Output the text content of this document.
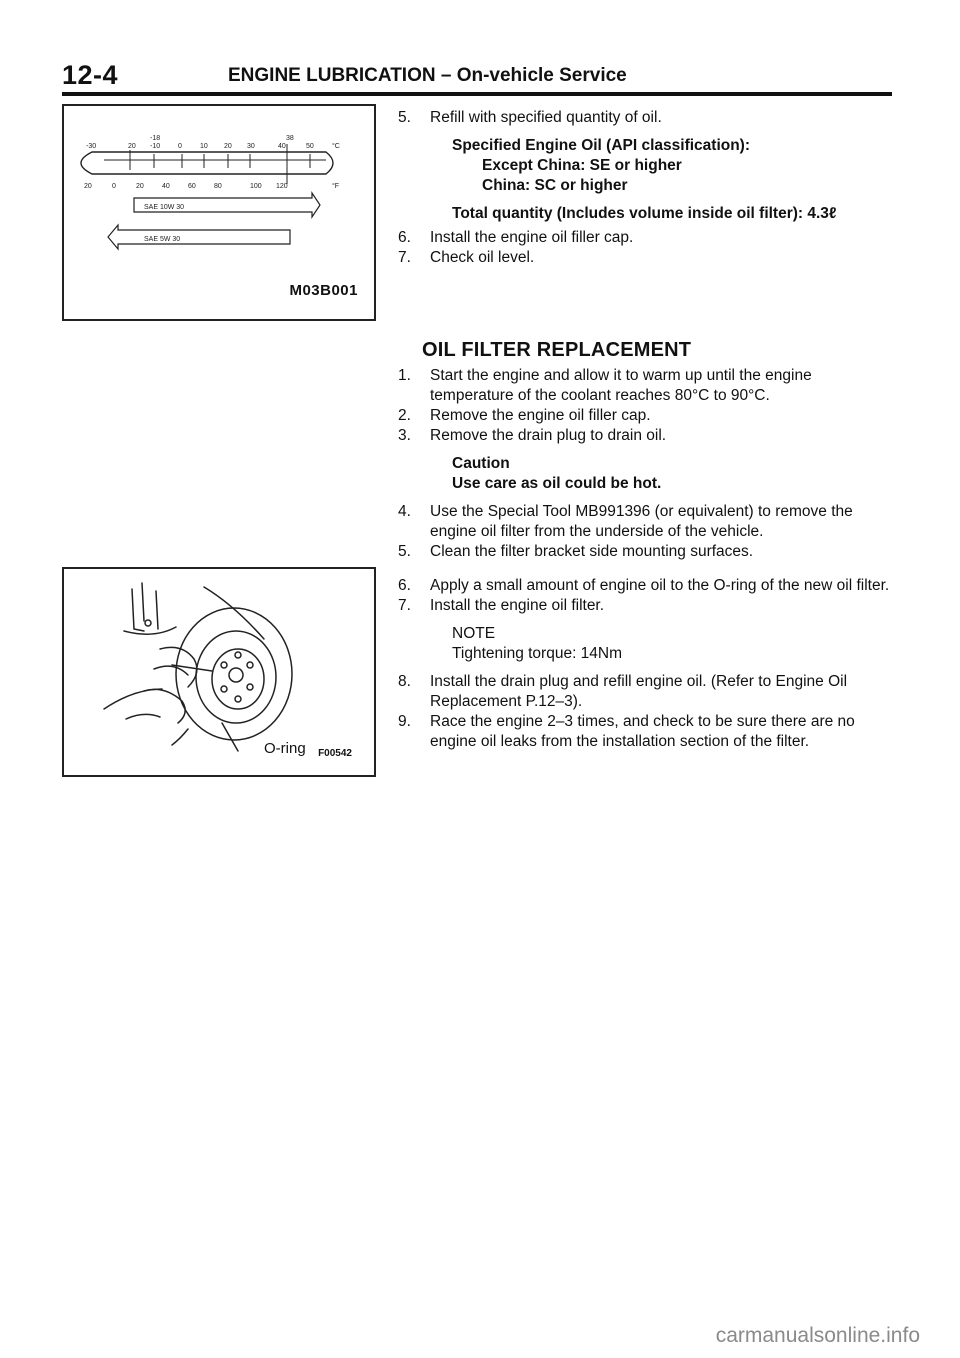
12-4	ENGINE LUBRICATION – On-vehicle Service
-18	38
-30	20 -10	0	10 20 30	40	50	°C
20	0	20	40	60	80	100 120	°F
SAE 10W 30
SAE 5W 30
M03B001
O-ring F00542
5. Refill with specified quantity of oil.
Specified Engine Oil (API classification):
Except China: SE or higher
China: SC or higher
Total quantity (Includes volume inside oil filter): 4.3ℓ
6. Install the engine oil filler cap.
7. Check oil level.
OIL FILTER REPLACEMENT
1. Start the engine and allow it to warm up until the engine temperature of the coolant reaches 80°C to 90°C.
2. Remove the engine oil filler cap.
3. Remove the drain plug to drain oil.
Caution
Use care as oil could be hot.
4. Use the Special Tool MB991396 (or equivalent) to remove the engine oil filter from the underside of the vehicle.
5. Clean the filter bracket side mounting surfaces.
6. Apply a small amount of engine oil to the O-ring of the new oil filter.
7. Install the engine oil filter.
NOTE
Tightening torque: 14Nm
8. Install the drain plug and refill engine oil. (Refer to Engine Oil Replacement P.12–3).
9. Race the engine 2–3 times, and check to be sure there are no engine oil leaks from the installation section of the filter.
carmanualsonline.info
